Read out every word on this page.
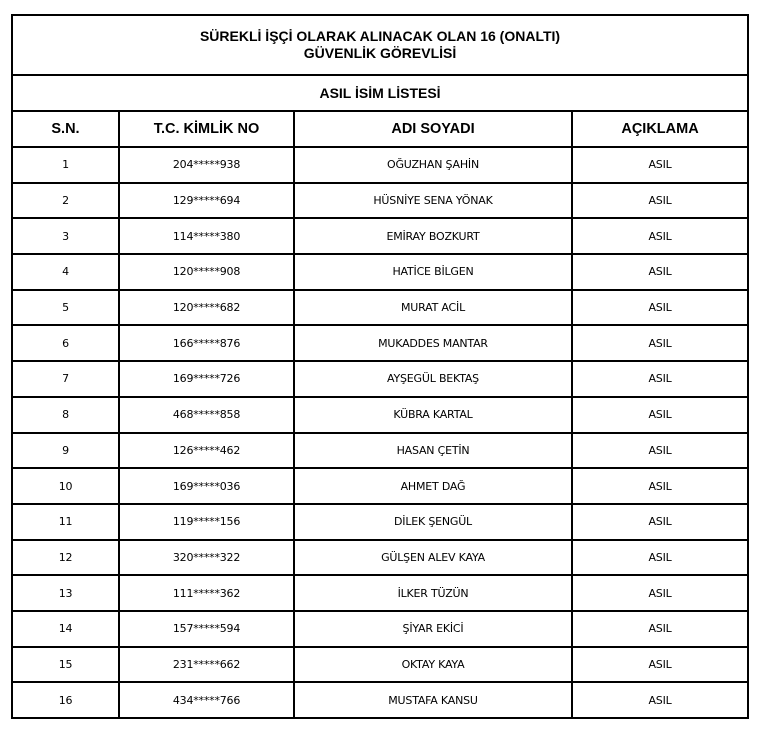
SÜREKLİ İŞÇİ OLARAK ALINACAK OLAN 16 (ONALTI)
GÜVENLİK GÖREVLİSİ			

ASIL İSİM LİSTESİ			
S.N.	T.C. KİMLİK NO	ADI SOYADI	AÇIKLAMA
1	204*****938	OĞUZHAN ŞAHİN	ASIL
2	129*****694	HÜSNİYE SENA YÖNAK	ASIL
3	114*****380	EMİRAY BOZKURT	ASIL
4	120*****908	HATİCE BİLGEN	ASIL
5	120*****682	MURAT ACİL	ASIL
6	166*****876	MUKADDES MANTAR	ASIL
7	169*****726	AYŞEGÜL BEKTAŞ	ASIL
8	468*****858	KÜBRA KARTAL	ASIL
9	126*****462	HASAN ÇETİN	ASIL
10	169*****036	AHMET DAĞ	ASIL
11	119*****156	DİLEK ŞENGÜL	ASIL
12	320*****322	GÜLŞEN ALEV KAYA	ASIL
13	111*****362	İLKER TÜZÜN	ASIL
14	157*****594	ŞİYAR EKİCİ	ASIL
15	231*****662	OKTAY KAYA	ASIL
16	434*****766	MUSTAFA KANSU	ASIL
